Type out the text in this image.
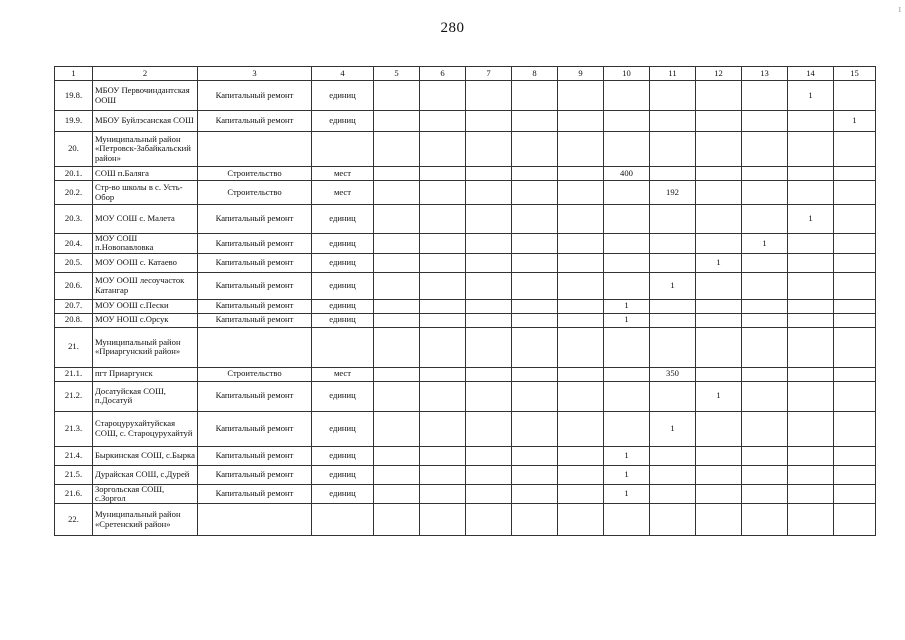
280
I
1	2	3	4	5	6	7	8	9	10	11	12	13	14	15
19.8.	МБОУ Первочиндантская ООШ	Капитальный ремонт	единиц										1	
19.9.	МБОУ Буйлэсанская СОШ	Капитальный ремонт	единиц											1
20.	Муниципальный район «Петровск-Забайкальский район»													
20.1.	СОШ п.Баляга	Строительство	мест						400					
20.2.	Стр-во школы в с. Усть-Обор	Строительство	мест							192				
20.3.	МОУ СОШ с. Малета	Капитальный ремонт	единиц										1	
20.4.	МОУ СОШ п.Новопавловка	Капитальный ремонт	единиц									1		
20.5.	МОУ ООШ с. Катаево	Капитальный ремонт	единиц								1			
20.6.	МОУ ООШ лесоучасток Катангар	Капитальный ремонт	единиц							1				
20.7.	МОУ ООШ с.Пески	Капитальный ремонт	единиц						1					
20.8.	МОУ НОШ с.Орсук	Капитальный ремонт	единиц						1					
21.	Муниципальный район «Приаргунский район»													
21.1.	пгт Приаргунск	Строительство	мест							350				
21.2.	Досатуйская СОШ, п.Досатуй	Капитальный ремонт	единиц								1			
21.3.	Староцурухайтуйская СОШ, с. Староцурухайтуй	Капитальный ремонт	единиц							1				
21.4.	Быркинская СОШ, с.Бырка	Капитальный ремонт	единиц						1					
21.5.	Дурайская СОШ, с.Дурей	Капитальный ремонт	единиц						1					
21.6.	Зоргольская СОШ, с.Зоргол	Капитальный ремонт	единиц						1					
22.	Муниципальный район «Сретенский район»													
